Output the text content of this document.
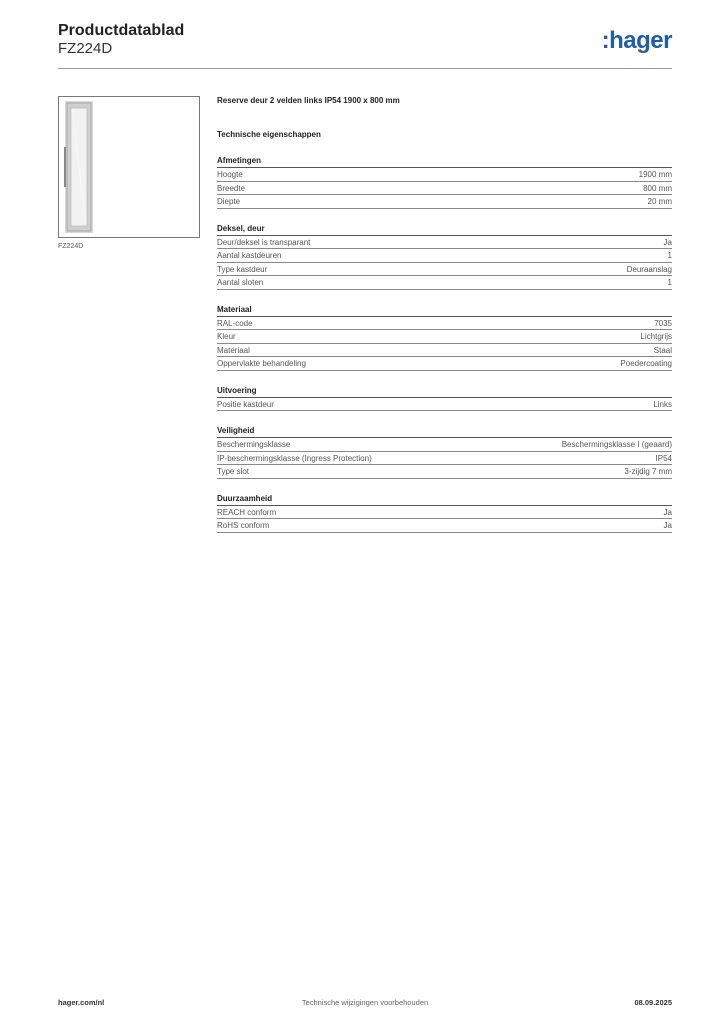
Productdatablad
FZ224D	:hager
FZ224D
Reserve deur 2 velden links IP54 1900 x 800 mm
Technische eigenschappen
Afmetingen
Hoogte	1900 mm
Breedte	800 mm
Diepte	20 mm
Deksel, deur
Deur/deksel is transparant	Ja
Aantal kastdeuren	1
Type kastdeur	Deuraanslag
Aantal sloten	1
Materiaal
RAL-code	7035
Kleur	Lichtgrijs
Materiaal	Staal
Oppervlakte behandeling	Poedercoating
Uitvoering
Positie kastdeur	Links
Veiligheid
Beschermingsklasse	Beschermingsklasse I (geaard)
IP-beschermingsklasse (Ingress Protection)	IP54
Type slot	3-zijdig 7 mm
Duurzaamheid
REACH conform	Ja
RoHS conform	Ja
hager.com/nl	Technische wijzigingen voorbehouden	08.09.2025
